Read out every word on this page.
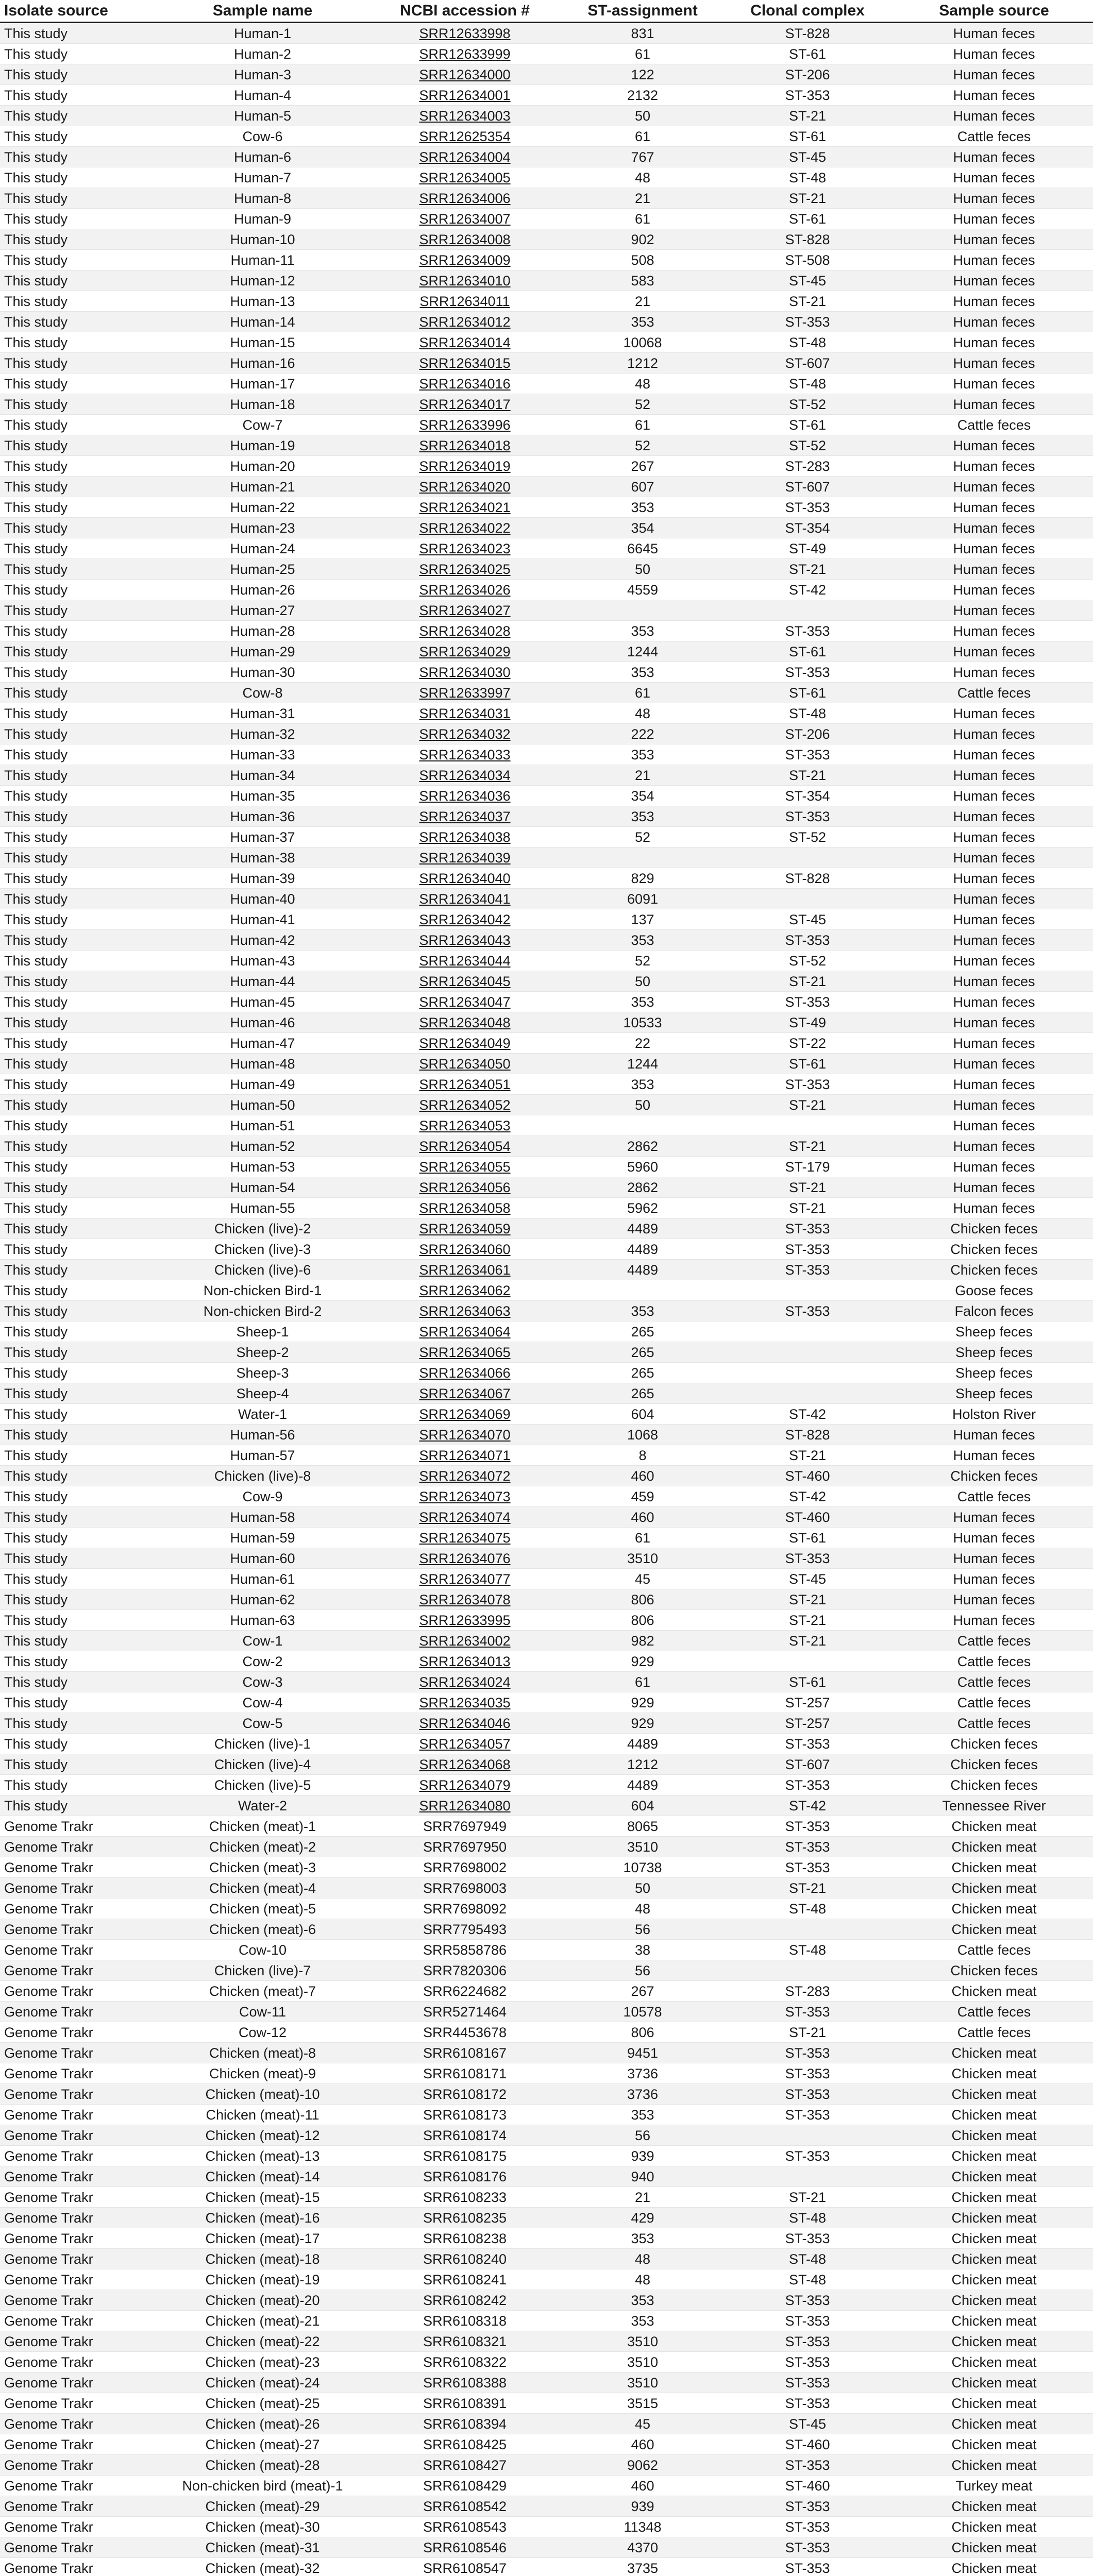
Isolate source	Sample name	NCBI accession #	ST-assignment	Clonal complex	Sample source
This study	Human-1	SRR12633998	831	ST-828	Human feces
This study	Human-2	SRR12633999	61	ST-61	Human feces
This study	Human-3	SRR12634000	122	ST-206	Human feces
This study	Human-4	SRR12634001	2132	ST-353	Human feces
This study	Human-5	SRR12634003	50	ST-21	Human feces
This study	Cow-6	SRR12625354	61	ST-61	Cattle feces
This study	Human-6	SRR12634004	767	ST-45	Human feces
This study	Human-7	SRR12634005	48	ST-48	Human feces
This study	Human-8	SRR12634006	21	ST-21	Human feces
This study	Human-9	SRR12634007	61	ST-61	Human feces
This study	Human-10	SRR12634008	902	ST-828	Human feces
This study	Human-11	SRR12634009	508	ST-508	Human feces
This study	Human-12	SRR12634010	583	ST-45	Human feces
This study	Human-13	SRR12634011	21	ST-21	Human feces
This study	Human-14	SRR12634012	353	ST-353	Human feces
This study	Human-15	SRR12634014	10068	ST-48	Human feces
This study	Human-16	SRR12634015	1212	ST-607	Human feces
This study	Human-17	SRR12634016	48	ST-48	Human feces
This study	Human-18	SRR12634017	52	ST-52	Human feces
This study	Cow-7	SRR12633996	61	ST-61	Cattle feces
This study	Human-19	SRR12634018	52	ST-52	Human feces
This study	Human-20	SRR12634019	267	ST-283	Human feces
This study	Human-21	SRR12634020	607	ST-607	Human feces
This study	Human-22	SRR12634021	353	ST-353	Human feces
This study	Human-23	SRR12634022	354	ST-354	Human feces
This study	Human-24	SRR12634023	6645	ST-49	Human feces
This study	Human-25	SRR12634025	50	ST-21	Human feces
This study	Human-26	SRR12634026	4559	ST-42	Human feces
This study	Human-27	SRR12634027			Human feces
This study	Human-28	SRR12634028	353	ST-353	Human feces
This study	Human-29	SRR12634029	1244	ST-61	Human feces
This study	Human-30	SRR12634030	353	ST-353	Human feces
This study	Cow-8	SRR12633997	61	ST-61	Cattle feces
This study	Human-31	SRR12634031	48	ST-48	Human feces
This study	Human-32	SRR12634032	222	ST-206	Human feces
This study	Human-33	SRR12634033	353	ST-353	Human feces
This study	Human-34	SRR12634034	21	ST-21	Human feces
This study	Human-35	SRR12634036	354	ST-354	Human feces
This study	Human-36	SRR12634037	353	ST-353	Human feces
This study	Human-37	SRR12634038	52	ST-52	Human feces
This study	Human-38	SRR12634039			Human feces
This study	Human-39	SRR12634040	829	ST-828	Human feces
This study	Human-40	SRR12634041	6091		Human feces
This study	Human-41	SRR12634042	137	ST-45	Human feces
This study	Human-42	SRR12634043	353	ST-353	Human feces
This study	Human-43	SRR12634044	52	ST-52	Human feces
This study	Human-44	SRR12634045	50	ST-21	Human feces
This study	Human-45	SRR12634047	353	ST-353	Human feces
This study	Human-46	SRR12634048	10533	ST-49	Human feces
This study	Human-47	SRR12634049	22	ST-22	Human feces
This study	Human-48	SRR12634050	1244	ST-61	Human feces
This study	Human-49	SRR12634051	353	ST-353	Human feces
This study	Human-50	SRR12634052	50	ST-21	Human feces
This study	Human-51	SRR12634053			Human feces
This study	Human-52	SRR12634054	2862	ST-21	Human feces
This study	Human-53	SRR12634055	5960	ST-179	Human feces
This study	Human-54	SRR12634056	2862	ST-21	Human feces
This study	Human-55	SRR12634058	5962	ST-21	Human feces
This study	Chicken (live)-2	SRR12634059	4489	ST-353	Chicken feces
This study	Chicken (live)-3	SRR12634060	4489	ST-353	Chicken feces
This study	Chicken (live)-6	SRR12634061	4489	ST-353	Chicken feces
This study	Non-chicken Bird-1	SRR12634062			Goose feces
This study	Non-chicken Bird-2	SRR12634063	353	ST-353	Falcon feces
This study	Sheep-1	SRR12634064	265		Sheep feces
This study	Sheep-2	SRR12634065	265		Sheep feces
This study	Sheep-3	SRR12634066	265		Sheep feces
This study	Sheep-4	SRR12634067	265		Sheep feces
This study	Water-1	SRR12634069	604	ST-42	Holston River
This study	Human-56	SRR12634070	1068	ST-828	Human feces
This study	Human-57	SRR12634071	8	ST-21	Human feces
This study	Chicken (live)-8	SRR12634072	460	ST-460	Chicken feces
This study	Cow-9	SRR12634073	459	ST-42	Cattle feces
This study	Human-58	SRR12634074	460	ST-460	Human feces
This study	Human-59	SRR12634075	61	ST-61	Human feces
This study	Human-60	SRR12634076	3510	ST-353	Human feces
This study	Human-61	SRR12634077	45	ST-45	Human feces
This study	Human-62	SRR12634078	806	ST-21	Human feces
This study	Human-63	SRR12633995	806	ST-21	Human feces
This study	Cow-1	SRR12634002	982	ST-21	Cattle feces
This study	Cow-2	SRR12634013	929		Cattle feces
This study	Cow-3	SRR12634024	61	ST-61	Cattle feces
This study	Cow-4	SRR12634035	929	ST-257	Cattle feces
This study	Cow-5	SRR12634046	929	ST-257	Cattle feces
This study	Chicken (live)-1	SRR12634057	4489	ST-353	Chicken feces
This study	Chicken (live)-4	SRR12634068	1212	ST-607	Chicken feces
This study	Chicken (live)-5	SRR12634079	4489	ST-353	Chicken feces
This study	Water-2	SRR12634080	604	ST-42	Tennessee River
Genome Trakr	Chicken (meat)-1	SRR7697949	8065	ST-353	Chicken meat
Genome Trakr	Chicken (meat)-2	SRR7697950	3510	ST-353	Chicken meat
Genome Trakr	Chicken (meat)-3	SRR7698002	10738	ST-353	Chicken meat
Genome Trakr	Chicken (meat)-4	SRR7698003	50	ST-21	Chicken meat
Genome Trakr	Chicken (meat)-5	SRR7698092	48	ST-48	Chicken meat
Genome Trakr	Chicken (meat)-6	SRR7795493	56		Chicken meat
Genome Trakr	Cow-10	SRR5858786	38	ST-48	Cattle feces
Genome Trakr	Chicken (live)-7	SRR7820306	56		Chicken feces
Genome Trakr	Chicken (meat)-7	SRR6224682	267	ST-283	Chicken meat
Genome Trakr	Cow-11	SRR5271464	10578	ST-353	Cattle feces
Genome Trakr	Cow-12	SRR4453678	806	ST-21	Cattle feces
Genome Trakr	Chicken (meat)-8	SRR6108167	9451	ST-353	Chicken meat
Genome Trakr	Chicken (meat)-9	SRR6108171	3736	ST-353	Chicken meat
Genome Trakr	Chicken (meat)-10	SRR6108172	3736	ST-353	Chicken meat
Genome Trakr	Chicken (meat)-11	SRR6108173	353	ST-353	Chicken meat
Genome Trakr	Chicken (meat)-12	SRR6108174	56		Chicken meat
Genome Trakr	Chicken (meat)-13	SRR6108175	939	ST-353	Chicken meat
Genome Trakr	Chicken (meat)-14	SRR6108176	940		Chicken meat
Genome Trakr	Chicken (meat)-15	SRR6108233	21	ST-21	Chicken meat
Genome Trakr	Chicken (meat)-16	SRR6108235	429	ST-48	Chicken meat
Genome Trakr	Chicken (meat)-17	SRR6108238	353	ST-353	Chicken meat
Genome Trakr	Chicken (meat)-18	SRR6108240	48	ST-48	Chicken meat
Genome Trakr	Chicken (meat)-19	SRR6108241	48	ST-48	Chicken meat
Genome Trakr	Chicken (meat)-20	SRR6108242	353	ST-353	Chicken meat
Genome Trakr	Chicken (meat)-21	SRR6108318	353	ST-353	Chicken meat
Genome Trakr	Chicken (meat)-22	SRR6108321	3510	ST-353	Chicken meat
Genome Trakr	Chicken (meat)-23	SRR6108322	3510	ST-353	Chicken meat
Genome Trakr	Chicken (meat)-24	SRR6108388	3510	ST-353	Chicken meat
Genome Trakr	Chicken (meat)-25	SRR6108391	3515	ST-353	Chicken meat
Genome Trakr	Chicken (meat)-26	SRR6108394	45	ST-45	Chicken meat
Genome Trakr	Chicken (meat)-27	SRR6108425	460	ST-460	Chicken meat
Genome Trakr	Chicken (meat)-28	SRR6108427	9062	ST-353	Chicken meat
Genome Trakr	Non-chicken bird (meat)-1	SRR6108429	460	ST-460	Turkey meat
Genome Trakr	Chicken (meat)-29	SRR6108542	939	ST-353	Chicken meat
Genome Trakr	Chicken (meat)-30	SRR6108543	11348	ST-353	Chicken meat
Genome Trakr	Chicken (meat)-31	SRR6108546	4370	ST-353	Chicken meat
Genome Trakr	Chicken (meat)-32	SRR6108547	3735	ST-353	Chicken meat
